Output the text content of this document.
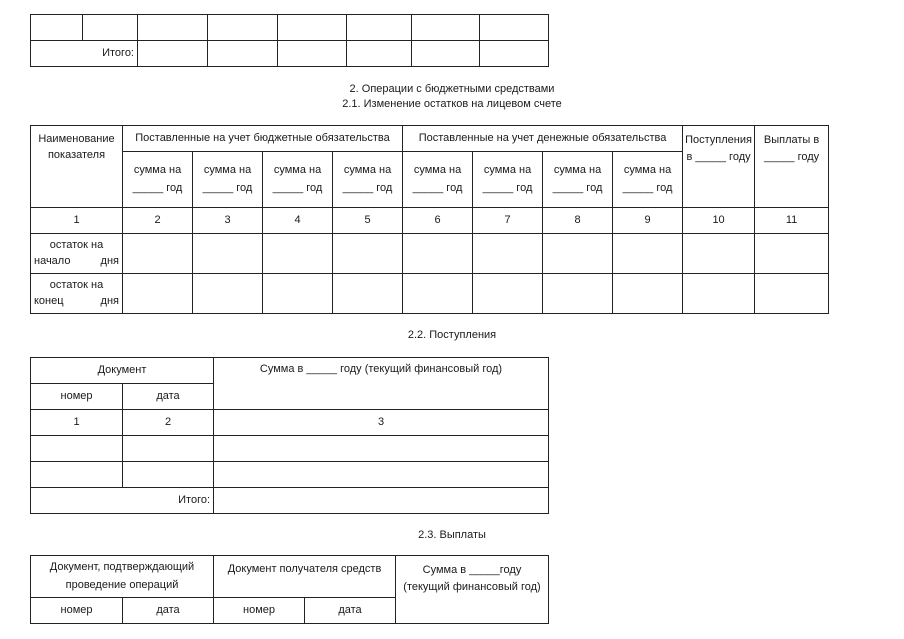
Итого:							
2. Операции с бюджетными средствами
2.1. Изменение остатков на лицевом счете
Наименование показателя	Поставленные на учет бюджетные обязательства				Поставленные на учет денежные обязательства				Поступления в _____ году	Выплаты в _____ году
	сумма на _____ год	сумма на _____ год	сумма на _____ год	сумма на _____ год	сумма на _____ год	сумма на _____ год	сумма на _____ год	сумма на _____ год		
1	2	3	4	5	6	7	8	9	10	11
остаток на начало дня										
остаток на конец дня										
2.2. Поступления
Документ		Сумма в _____ году (текущий финансовый год)
номер	дата	
1	2	3

Итого:		
2.3. Выплаты
Документ, подтверждающий проведение операций		Документ получателя средств		Сумма в _____году (текущий финансовый год)
номер	дата	номер	дата	
